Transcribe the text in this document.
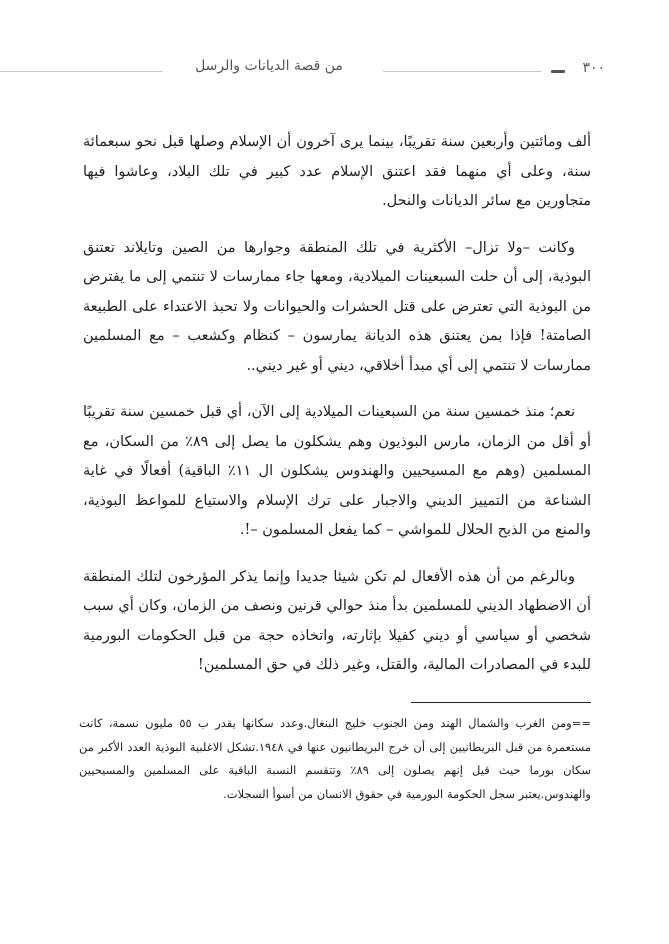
٣٠٠
من قصة الديانات والرسل

ألف ومائتين وأربعين سنة تقريبًا، بينما يرى آخرون أن الإسلام وصلها قبل نحو سبعمائة سنة، وعلى أي منهما فقد اعتنق الإسلام عدد كبير في تلك البلاد، وعاشوا فيها متجاورين مع سائر الديانات والنحل.

وكانت –ولا تزال– الأكثرية في تلك المنطقة وجوارها من الصين وتايلاند تعتنق البوذية، إلى أن حلت السبعينات الميلادية، ومعها جاء ممارسات لا تنتمي إلى ما يفترض من البوذية التي تعترض على قتل الحشرات والحيوانات ولا تحبذ الاعتداء على الطبيعة الصامتة! فإذا بمن يعتنق هذه الديانة يمارسون – كنظام وكشعب – مع المسلمين ممارسات لا تنتمي إلى أي مبدأ أخلاقي، ديني أو غير ديني..

نعم؛ منذ خمسين سنة من السبعينات الميلادية إلى الآن، أي قبل خمسين سنة تقريبًا أو أقل من الزمان، مارس البوذيون وهم يشكلون ما يصل إلى ٨٩٪ من السكان، مع المسلمين (وهم مع المسيحيين والهندوس يشكلون ال ١١٪ الباقية) أفعالًا في غاية الشناعة من التمييز الديني والاجبار على ترك الإسلام والاستياع للمواعظ البوذية، والمنع من الذبح الحلال للمواشي – كما يفعل المسلمون –!.

وبالرغم من أن هذه الأفعال لم تكن شيئا جديدا وإنما يذكر المؤرخون لتلك المنطقة أن الاضطهاد الديني للمسلمين بدأ منذ حوالي قرنين ونصف من الزمان، وكان أي سبب شخصي أو سياسي أو ديني كفيلا بإثارته، واتخاذه حجة من قبل الحكومات البورمية للبدء في المصادرات المالية، والقتل، وغير ذلك في حق المسلمين!

==ومن الغرب والشمال الهند ومن الجنوب خليج البنغال.وعدد سكانها يقدر ب ٥٥ مليون نسمة، كانت مستعمرة من قبل البريطانيين إلى أن خرج البريطانيون عنها في ١٩٤٨.تشكل الاغلبية البوذية العدد الأكبر من سكان بورما حيث قيل إنهم يصلون إلى ٨٩٪ وتتقسم النسبة الباقية على المسلمين والمسيحيين والهندوس.يعتبر سجل الحكومة البورمية في حقوق الانسان من أسوأ السجلات.
